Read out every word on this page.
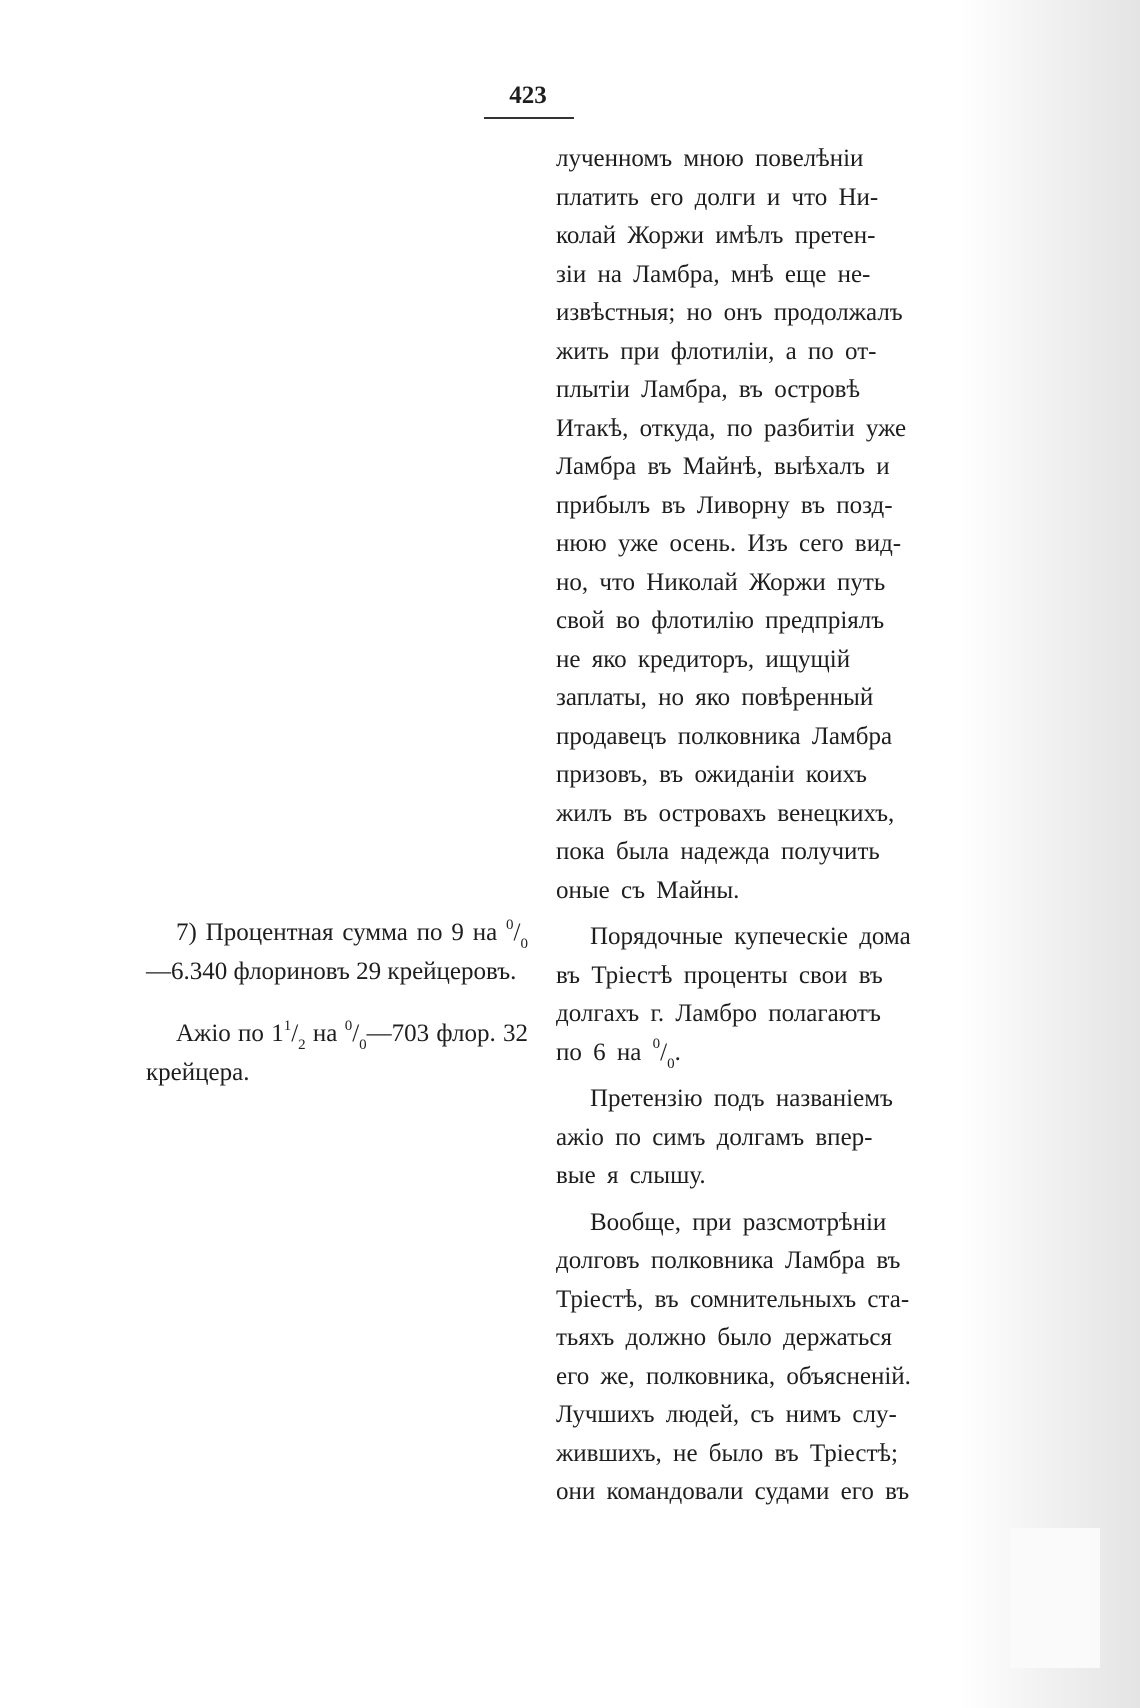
423
лученномъ мною повелѣніи
платить его долги и что Ни-
колай Жоржи имѣлъ претен-
зіи на Ламбра, мнѣ еще не-
извѣстныя; но онъ продолжалъ
жить при флотиліи, а по от-
плытіи Ламбра, въ островѣ
Итакѣ, откуда, по разбитіи уже
Ламбра въ Майнѣ, выѣхалъ и
прибылъ въ Ливорну въ позд-
нюю уже осень. Изъ сего вид-
но, что Николай Жоржи путь
свой во флотилію предпріялъ
не яко кредиторъ, ищущій
заплаты, но яко повѣренный
продавецъ полковника Ламбра
призовъ, въ ожиданіи коихъ
жилъ въ островахъ венецкихъ,
пока была надежда получить
оные съ Майны.
Порядочные купеческіе дома
въ Тріестѣ проценты свои въ
долгахъ г. Ламбро полагаютъ
по 6 на $^0/_0$.
Претензію подъ названіемъ
ажіо по симъ долгамъ впер-
вые я слышу.
Вообще, при разсмотрѣніи
долговъ полковника Ламбра въ
Тріестѣ, въ сомнительныхъ ста-
тьяхъ должно было держаться
его же, полковника, объясненій.
Лучшихъ людей, съ нимъ слу-
жившихъ, не было въ Тріестѣ;
они командовали судами его въ

7) Процентная сумма по 9 на $^0/_0—6.340$ флориновъ 29 крейцеровъ.

Ажіо по $1^1/_2$ на $^0/_0—703$ флор. 32 крейцера.
